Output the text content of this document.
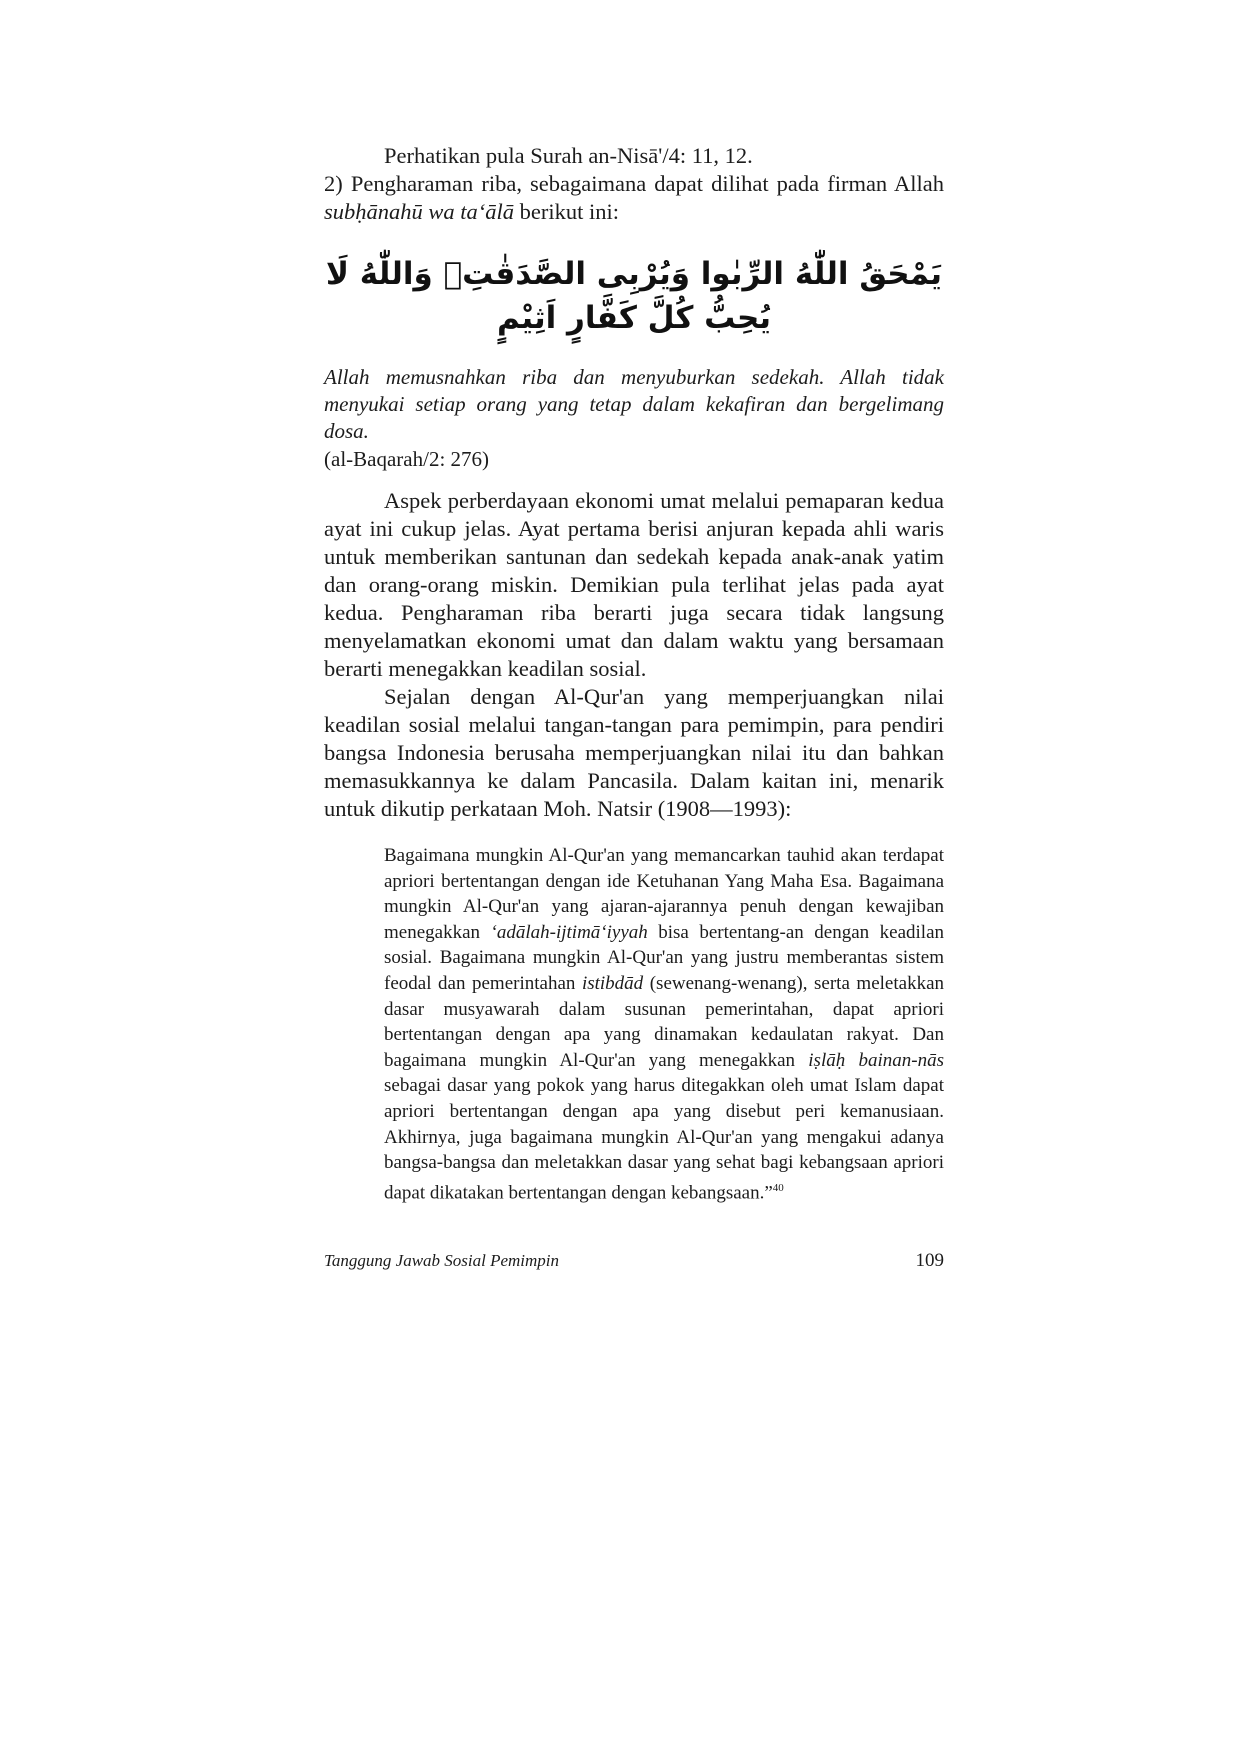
Perhatikan pula Surah an-Nisā'/4: 11, 12.

2) Pengharaman riba, sebagaimana dapat dilihat pada firman Allah subḥānahū wa ta‘ālā berikut ini:

يَمْحَقُ اللّٰهُ الرِّبٰوا وَيُرْبِى الصَّدَقٰتِۗ وَاللّٰهُ لَا يُحِبُّ كُلَّ كَفَّارٍ اَثِيْمٍ

Allah memusnahkan riba dan menyuburkan sedekah. Allah tidak menyukai setiap orang yang tetap dalam kekafiran dan bergelimang dosa.

(al-Baqarah/2: 276)

Aspek perberdayaan ekonomi umat melalui pemaparan kedua ayat ini cukup jelas. Ayat pertama berisi anjuran kepada ahli waris untuk memberikan santunan dan sedekah kepada anak-anak yatim dan orang-orang miskin. Demikian pula terlihat jelas pada ayat kedua. Pengharaman riba berarti juga secara tidak langsung menyelamatkan ekonomi umat dan dalam waktu yang bersamaan berarti menegakkan keadilan sosial.

Sejalan dengan Al-Qur'an yang memperjuangkan nilai keadilan sosial melalui tangan-tangan para pemimpin, para pendiri bangsa Indonesia berusaha memperjuangkan nilai itu dan bahkan memasukkannya ke dalam Pancasila. Dalam kaitan ini, menarik untuk dikutip perkataan Moh. Natsir (1908—1993):

Bagaimana mungkin Al-Qur'an yang memancarkan tauhid akan terdapat apriori bertentangan dengan ide Ketuhanan Yang Maha Esa. Bagaimana mungkin Al-Qur'an yang ajaran-ajarannya penuh dengan kewajiban menegakkan ‘adālah-ijtimā‘iyyah bisa bertentang-an dengan keadilan sosial. Bagaimana mungkin Al-Qur'an yang justru memberantas sistem feodal dan pemerintahan istibdād (sewenang-wenang), serta meletakkan dasar musyawarah dalam susunan pemerintahan, dapat apriori bertentangan dengan apa yang dinamakan kedaulatan rakyat. Dan bagaimana mungkin Al-Qur'an yang menegakkan iṣlāḥ bainan-nās sebagai dasar yang pokok yang harus ditegakkan oleh umat Islam dapat apriori bertentangan dengan apa yang disebut peri kemanusiaan. Akhirnya, juga bagaimana mungkin Al-Qur'an yang mengakui adanya bangsa-bangsa dan meletakkan dasar yang sehat bagi kebangsaan apriori dapat dikatakan bertentangan dengan kebangsaan.”$^{40}$

Tanggung Jawab Sosial Pemimpin	109
